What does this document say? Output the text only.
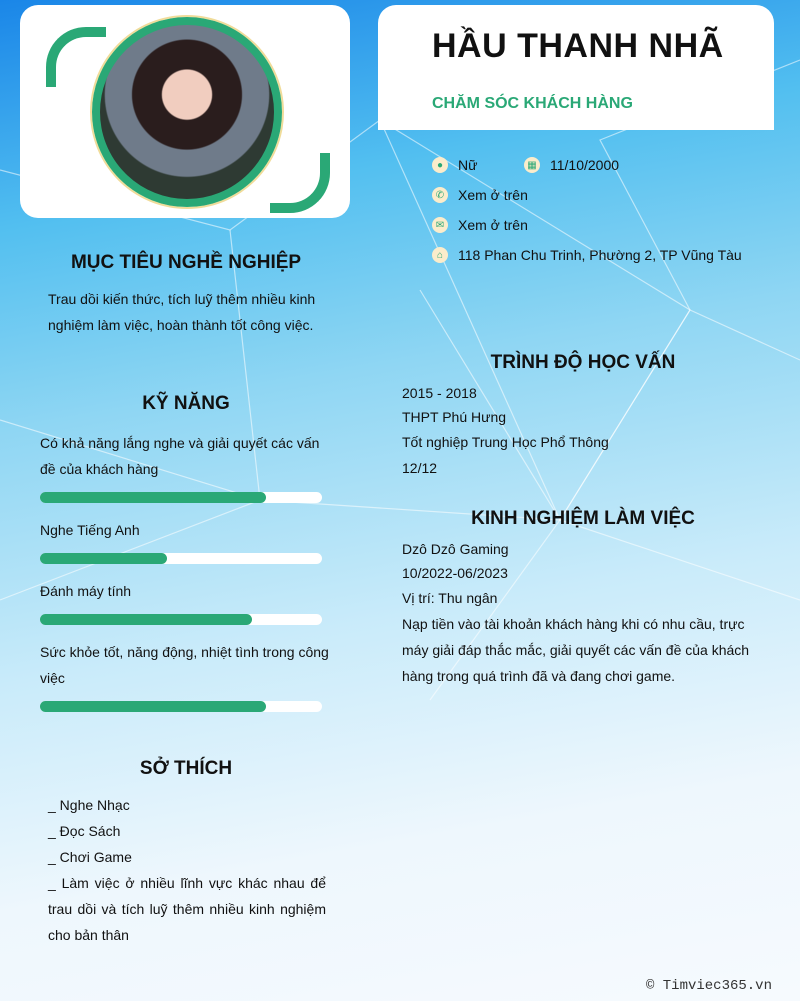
HẦU THANH NHÃ
CHĂM SÓC KHÁCH HÀNG
●	Nữ	▦ 11/10/2000
✆ Xem ở trên
✉ Xem ở trên
⌂	118 Phan Chu Trinh, Phường 2, TP Vũng Tàu
MỤC TIÊU NGHỀ NGHIỆP
Trau dồi kiến thức, tích luỹ thêm nhiều kinh nghiệm làm việc, hoàn thành tốt công việc.
KỸ NĂNG
Có khả năng lắng nghe và giải quyết các vấn đề của khách hàng
Nghe Tiếng Anh
Đánh máy tính
Sức khỏe tốt, năng động, nhiệt tình trong công việc
SỞ THÍCH
_ Nghe Nhạc
_ Đọc Sách
_ Chơi Game
_ Làm việc ở nhiều lĩnh vực khác nhau để trau dồi và tích luỹ thêm nhiều kinh nghiệm cho bản thân
TRÌNH ĐỘ HỌC VẤN
2015 - 2018
THPT Phú Hưng
Tốt nghiệp Trung Học Phổ Thông
12/12
KINH NGHIỆM LÀM VIỆC
Dzô Dzô Gaming
10/2022-06/2023
Vị trí: Thu ngân
Nạp tiền vào tài khoản khách hàng khi có nhu cầu, trực máy giải đáp thắc mắc, giải quyết các vấn đề của khách hàng trong quá trình đã và đang chơi game.
© Timviec365.vn
